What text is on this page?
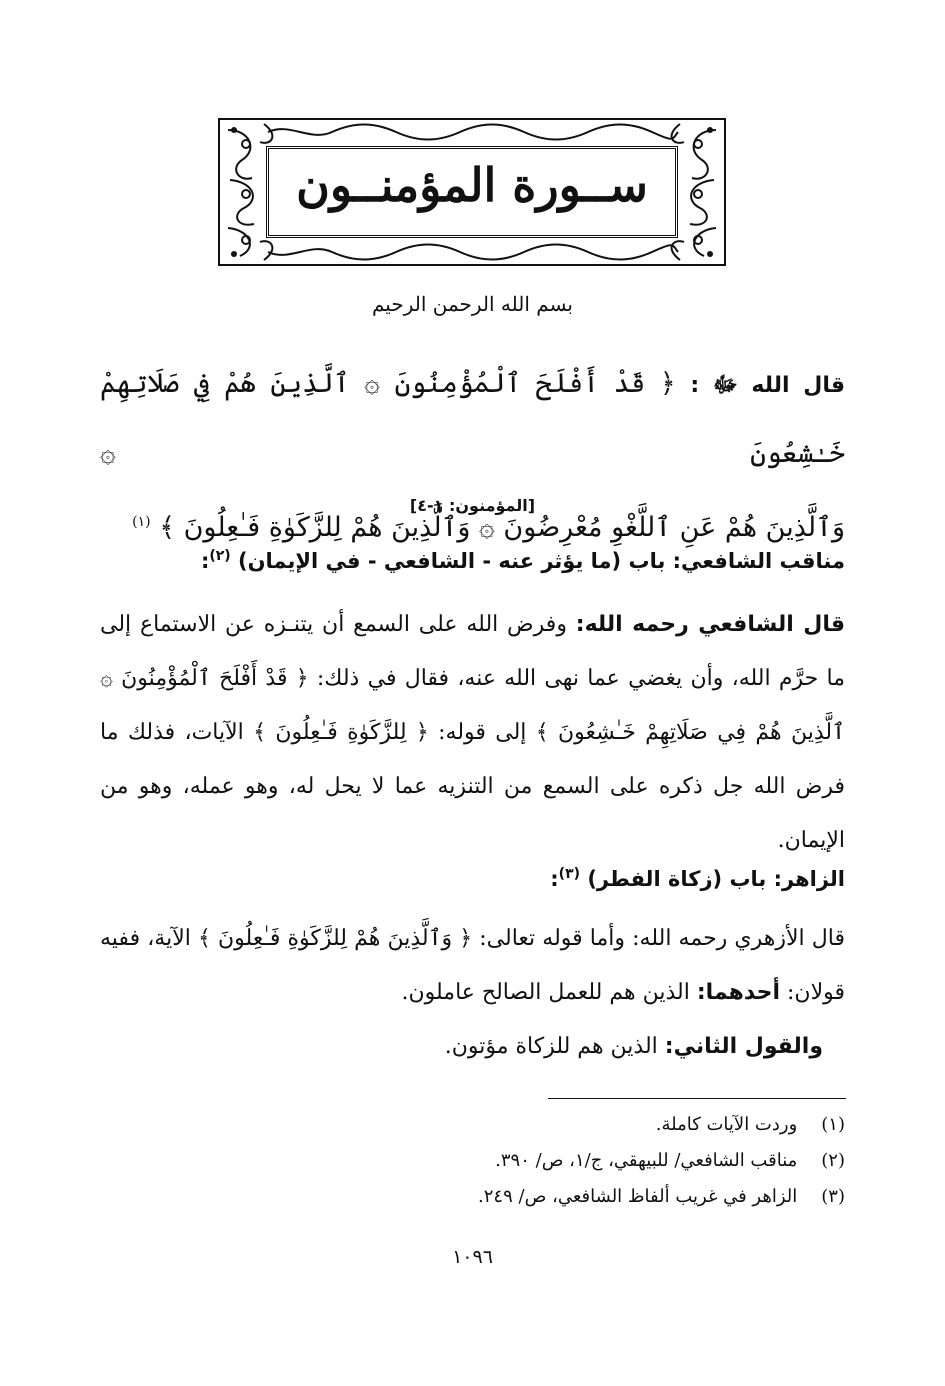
ســورة المؤمنــون
بسم الله الرحمن الرحيم
قال الله ﷻ : ﴿ قَدْ أَفْلَحَ ٱلْمُؤْمِنُونَ ۞ ٱلَّذِينَ هُمْ فِي صَلَاتِهِمْ خَـٰشِعُونَ ۞
وَٱلَّذِينَ هُمْ عَنِ ٱللَّغْوِ مُعْرِضُونَ ۞ وَٱلَّذِينَ هُمْ لِلزَّكَوٰةِ فَـٰعِلُونَ ﴾ $^{(١)}$
[المؤمنون: ١-٤]
مناقب الشافعي: باب (ما يؤثر عنه - الشافعي - في الإيمان) $^{(٢)}$:
قال الشافعي رحمه الله: وفرض الله على السمع أن يتنـزه عن الاستماع إلى ما حرَّم الله، وأن يغضي عما نهى الله عنه، فقال في ذلك: ﴿ قَدْ أَفْلَحَ ٱلْمُؤْمِنُونَ ۞ ٱلَّذِينَ هُمْ فِي صَلَاتِهِمْ خَـٰشِعُونَ ﴾ إلى قوله: ﴿ لِلزَّكَوٰةِ فَـٰعِلُونَ ﴾ الآيات، فذلك ما فرض الله جل ذكره على السمع من التنزيه عما لا يحل له، وهو عمله، وهو من الإيمان.
الزاهر: باب (زكاة الفطر) $^{(٣)}$:
قال الأزهري رحمه الله: وأما قوله تعالى: ﴿ وَٱلَّذِينَ هُمْ لِلزَّكَوٰةِ فَـٰعِلُونَ ﴾ الآية، ففيه قولان: أحدهما: الذين هم للعمل الصالح عاملون.
والقول الثاني: الذين هم للزكاة مؤتون.
(١) وردت الآيات كاملة.
(٢) مناقب الشافعي/ للبيهقي، ج/١، ص/ ٣٩٠.
(٣) الزاهر في غريب ألفاظ الشافعي، ص/ ٢٤٩.
١٠٩٦
